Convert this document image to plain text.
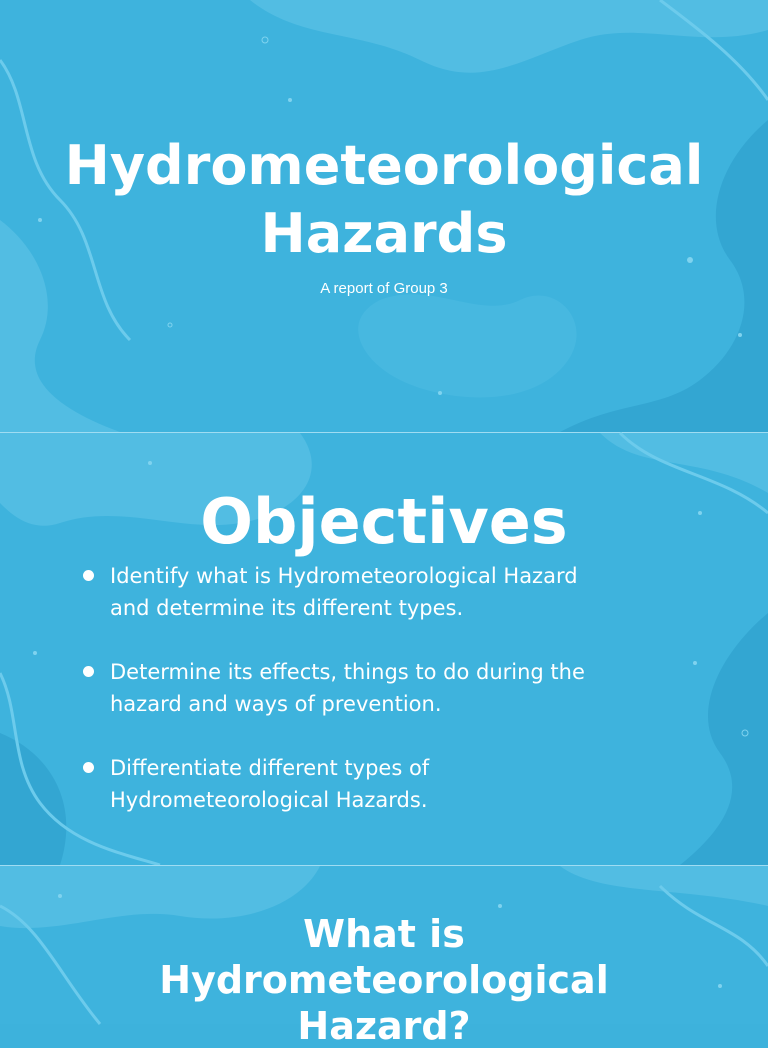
Hydrometeorological
Hazards

A report of Group 3

Objectives
Identify what is Hydrometeorological Hazard
and determine its different types.
Determine its effects, things to do during the
hazard and ways of prevention.
Differentiate different types of
Hydrometeorological Hazards.
What is
Hydrometeorological
Hazard?
